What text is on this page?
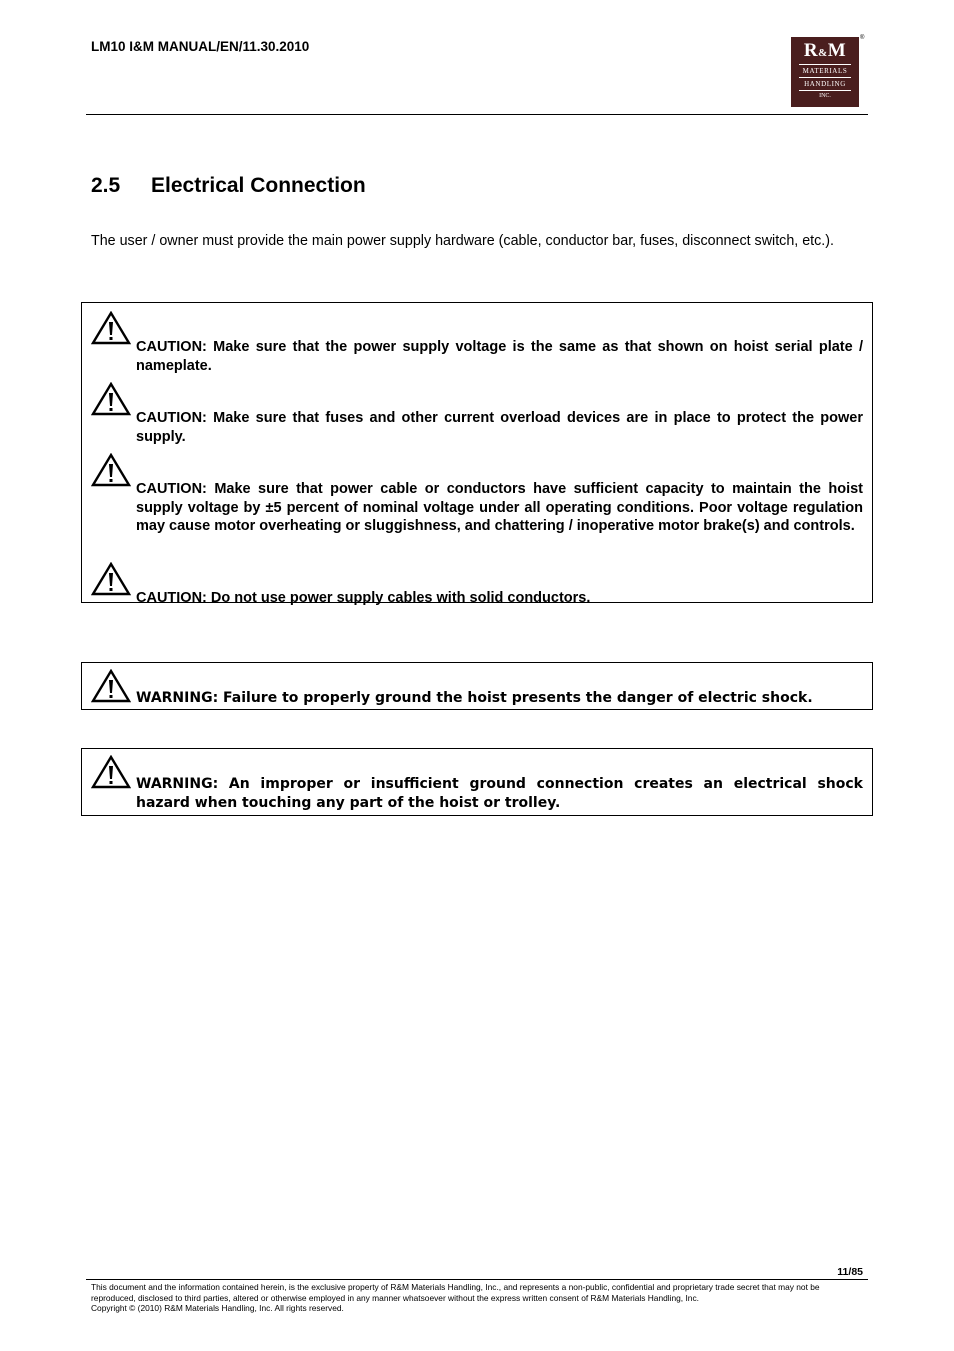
LM10 I&M MANUAL/EN/11.30.2010	R&M
MATERIALS
HANDLING
INC.
®
2.5 Electrical Connection
The user / owner must provide the main power supply hardware (cable, conductor bar, fuses, disconnect switch, etc.).
CAUTION: Make sure that the power supply voltage is the same as that shown on hoist serial plate / nameplate.
CAUTION: Make sure that fuses and other current overload devices are in place to protect the power supply.
CAUTION: Make sure that power cable or conductors have sufficient capacity to maintain the hoist supply voltage by ±5 percent of nominal voltage under all operating conditions. Poor voltage regulation may cause motor overheating or sluggishness, and chattering / inoperative motor brake(s) and controls.
CAUTION: Do not use power supply cables with solid conductors.
WARNING: Failure to properly ground the hoist presents the danger of electric shock.
WARNING: An improper or insufficient ground connection creates an electrical shock hazard when touching any part of the hoist or trolley.
11/85
This document and the information contained herein, is the exclusive property of R&M Materials Handling, Inc., and represents a non-public, confidential and proprietary trade secret that may not be reproduced, disclosed to third parties, altered or otherwise employed in any manner whatsoever without the express written consent of R&M Materials Handling, Inc.
Copyright © (2010) R&M Materials Handling, Inc. All rights reserved.
